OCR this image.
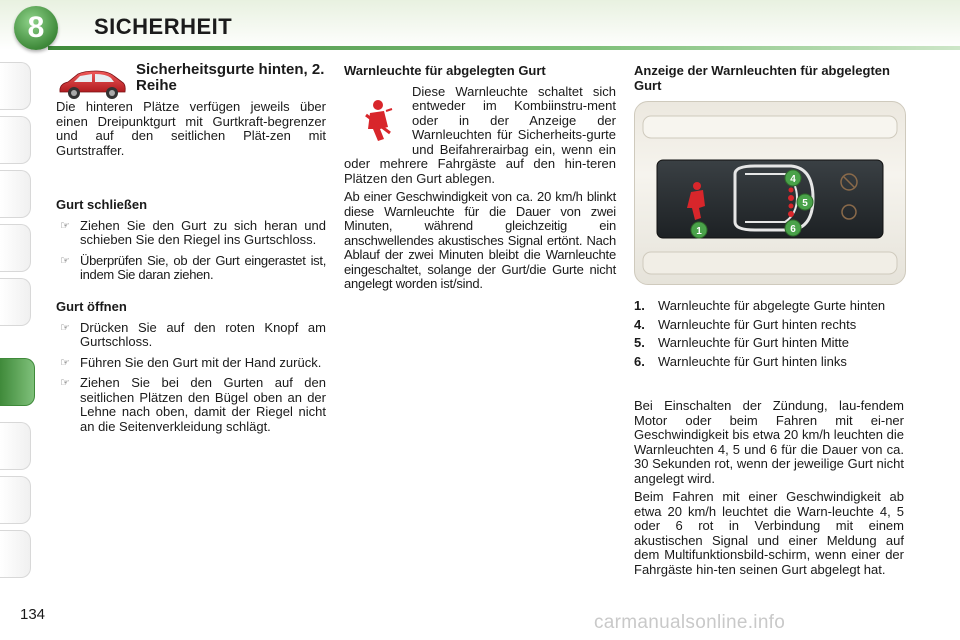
8	SICHERHEIT
134
Sicherheitsgurte hinten, 2. Reihe

Die hinteren Plätze verfügen jeweils über einen Dreipunktgurt mit Gurtkraft-begrenzer und auf den seitlichen Plät-zen mit Gurtstraffer.

Gurt schließen
☞ Ziehen Sie den Gurt zu sich heran und schieben Sie den Riegel ins Gurtschloss.
☞ Überprüfen Sie, ob der Gurt eingerastet ist, indem Sie daran ziehen.
Gurt öffnen
☞ Drücken Sie auf den roten Knopf am Gurtschloss.
☞ Führen Sie den Gurt mit der Hand zurück.
☞ Ziehen Sie bei den Gurten auf den seitlichen Plätzen den Bügel oben an der Lehne nach oben, damit der Riegel nicht an die Seitenverkleidung schlägt.
Warnleuchte für abgelegten Gurt

Diese Warnleuchte schaltet sich entweder im Kombiinstru-ment oder in der Anzeige der Warnleuchten für Sicherheits-gurte und Beifahrerairbag ein, wenn ein oder mehrere Fahrgäste auf den hin-teren Plätzen den Gurt ablegen.

Ab einer Geschwindigkeit von ca. 20 km/h blinkt diese Warnleuchte für die Dauer von zwei Minuten, während gleichzeitig ein anschwellendes akustisches Signal ertönt. Nach Ablauf der zwei Minuten bleibt die Warnleuchte eingeschaltet, solange der Gurt/die Gurte nicht angelegt worden ist/sind.

Anzeige der Warnleuchten für abgelegten Gurt
1
4
5
6
1.	Warnleuchte für abgelegte Gurte hinten
4.	Warnleuchte für Gurt hinten rechts
5.	Warnleuchte für Gurt hinten Mitte
6.	Warnleuchte für Gurt hinten links

Bei Einschalten der Zündung, lau-fendem Motor oder beim Fahren mit ei-ner Geschwindigkeit bis etwa 20 km/h leuchten die Warnleuchten 4, 5 und 6 für die Dauer von ca. 30 Sekunden rot, wenn der jeweilige Gurt nicht angelegt wird.

Beim Fahren mit einer Geschwindigkeit ab etwa 20 km/h leuchtet die Warn-leuchte 4, 5 oder 6 rot in Verbindung mit einem akustischen Signal und einer Meldung auf dem Multifunktionsbild-schirm, wenn einer der Fahrgäste hin-ten seinen Gurt abgelegt hat.

carmanualsonline.info
